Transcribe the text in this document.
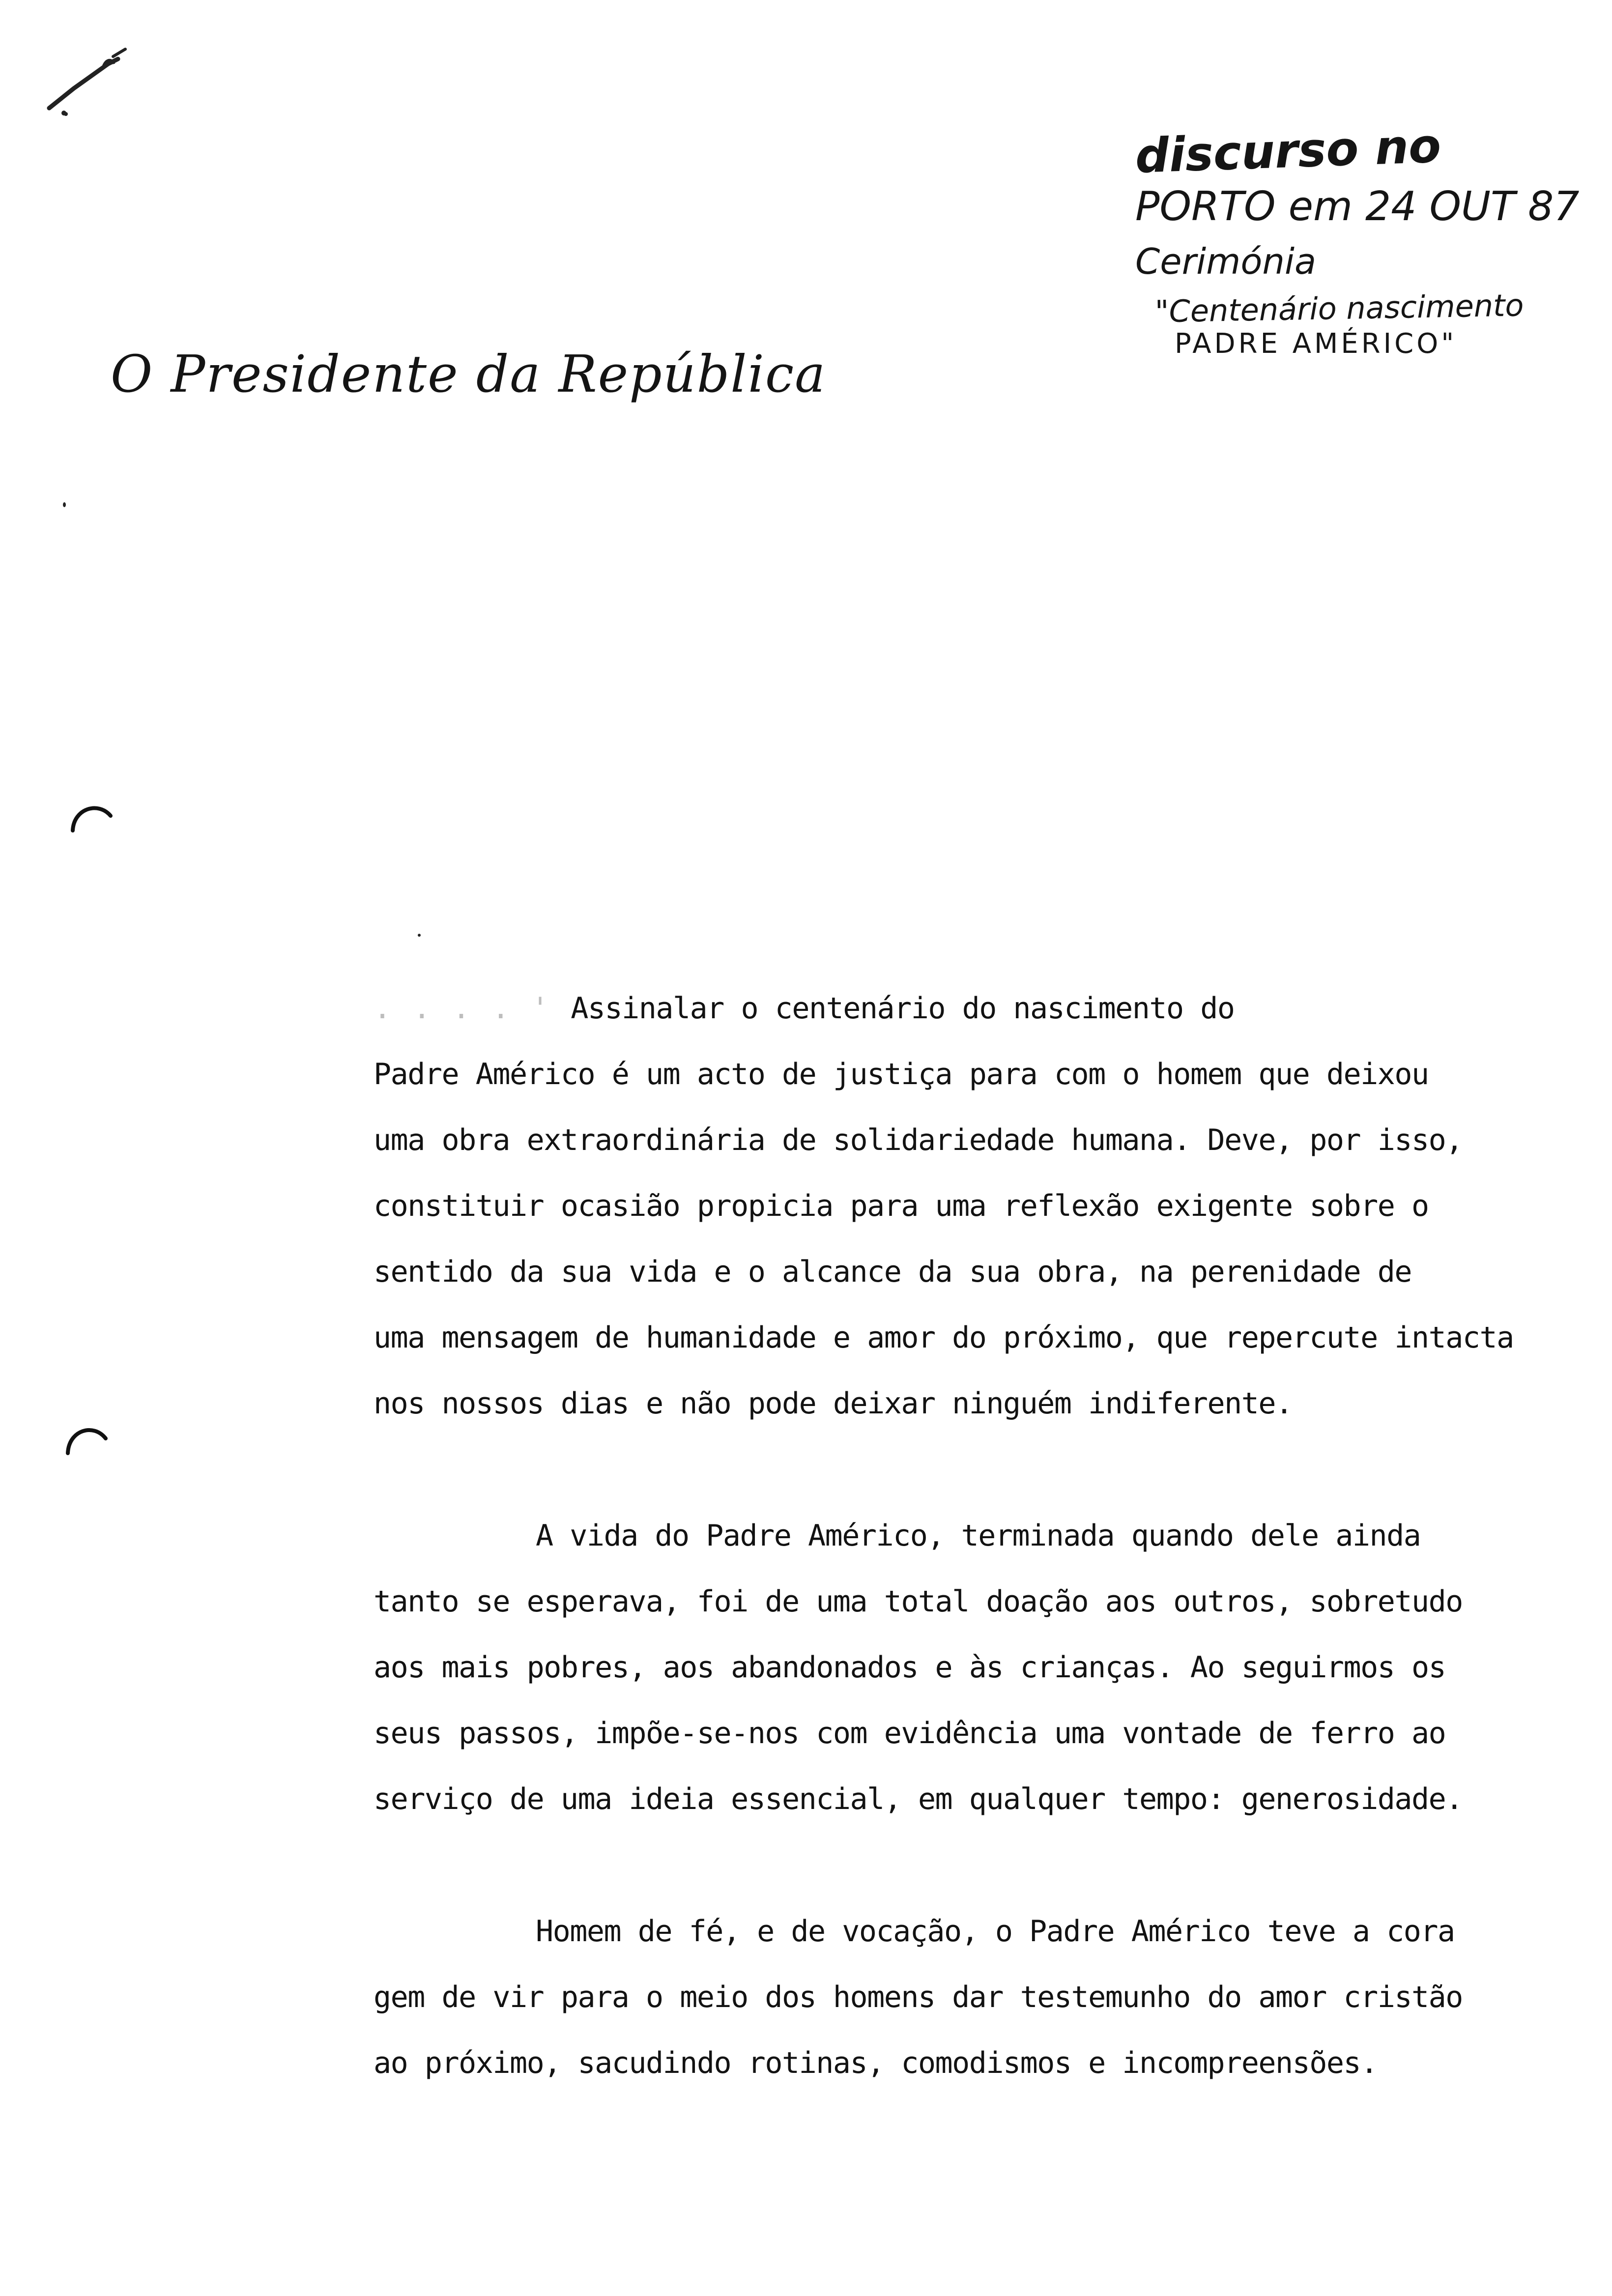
O Presidente da República
discurso no
PORTO em 24 OUT 87
Cerimónia
"Centenário nascimento
PADRE AMÉRICO"
. . . . ' Assinalar o centenário do nascimento do
Padre Américo é um acto de justiça para com o homem que deixou
uma obra extraordinária de solidariedade humana. Deve, por isso,
constituir ocasião propicia para uma reflexão exigente sobre o
sentido da sua vida e o alcance da sua obra, na perenidade de
uma mensagem de humanidade e amor do próximo, que repercute intacta
nos nossos dias e não pode deixar ninguém indiferente.
A vida do Padre Américo, terminada quando dele ainda
tanto se esperava, foi de uma total doação aos outros, sobretudo
aos mais pobres, aos abandonados e às crianças. Ao seguirmos os
seus passos, impõe-se-nos com evidência uma vontade de ferro ao
serviço de uma ideia essencial, em qualquer tempo: generosidade.
Homem de fé, e de vocação, o Padre Américo teve a cora
gem de vir para o meio dos homens dar testemunho do amor cristão
ao próximo, sacudindo rotinas, comodismos e incompreensões.
